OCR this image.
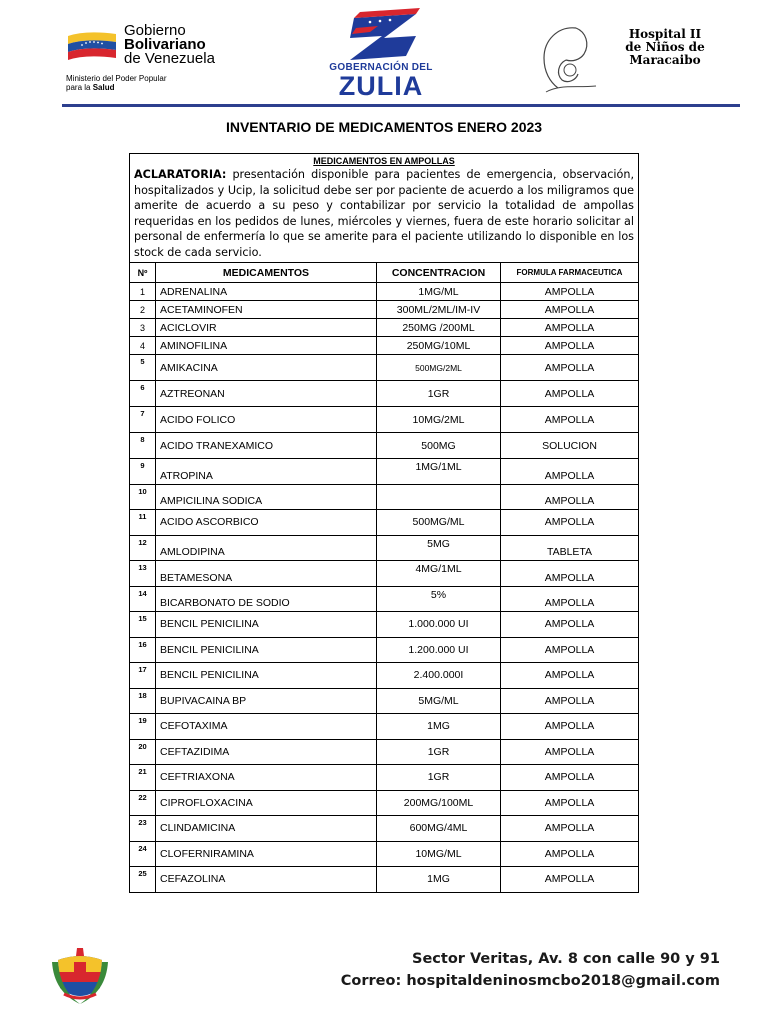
Gobierno
Bolivariano
de Venezuela
Ministerio del Poder Popular
para la Salud
GOBERNACIÓN DEL
ZULIA
Hospital II
de Niños de
Maracaibo
INVENTARIO DE MEDICAMENTOS ENERO 2023
MEDICAMENTOS EN AMPOLLAS
ACLARATORIA: presentación disponible para pacientes de emergencia, observación, hospitalizados y Ucip, la solicitud debe ser por paciente de acuerdo a los miligramos que amerite de acuerdo a su peso y contabilizar por servicio la totalidad de ampollas requeridas en los pedidos de lunes, miércoles y viernes, fuera de este horario solicitar al personal de enfermería lo que se amerite para el paciente utilizando lo disponible en los stock de cada servicio.			

Nº	MEDICAMENTOS	CONCENTRACION	FORMULA FARMACEUTICA
1	ADRENALINA	1MG/ML	AMPOLLA
2	ACETAMINOFEN	300ML/2ML/IM-IV	AMPOLLA
3	ACICLOVIR	250MG /200ML	AMPOLLA
4	AMINOFILINA	250MG/10ML	AMPOLLA
5	AMIKACINA	500MG/2ML	AMPOLLA
6	AZTREONAN	1GR	AMPOLLA
7	ACIDO FOLICO	10MG/2ML	AMPOLLA
8	ACIDO TRANEXAMICO	500MG	SOLUCION
9	ATROPINA	1MG/1ML	AMPOLLA
10	AMPICILINA SODICA		AMPOLLA
11	ACIDO ASCORBICO	500MG/ML	AMPOLLA
12	AMLODIPINA	5MG	TABLETA
13	BETAMESONA	4MG/1ML	AMPOLLA
14	BICARBONATO DE SODIO	5%	AMPOLLA
15	BENCIL PENICILINA	1.000.000 UI	AMPOLLA
16	BENCIL PENICILINA	1.200.000 UI	AMPOLLA
17	BENCIL PENICILINA	2.400.000I	AMPOLLA
18	BUPIVACAINA BP	5MG/ML	AMPOLLA
19	CEFOTAXIMA	1MG	AMPOLLA
20	CEFTAZIDIMA	1GR	AMPOLLA
21	CEFTRIAXONA	1GR	AMPOLLA
22	CIPROFLOXACINA	200MG/100ML	AMPOLLA
23	CLINDAMICINA	600MG/4ML	AMPOLLA
24	CLOFERNIRAMINA	10MG/ML	AMPOLLA
25	CEFAZOLINA	1MG	AMPOLLA
Sector Veritas, Av. 8 con calle 90 y 91
Correo: hospitaldeninosmcbo2018@gmail.com
